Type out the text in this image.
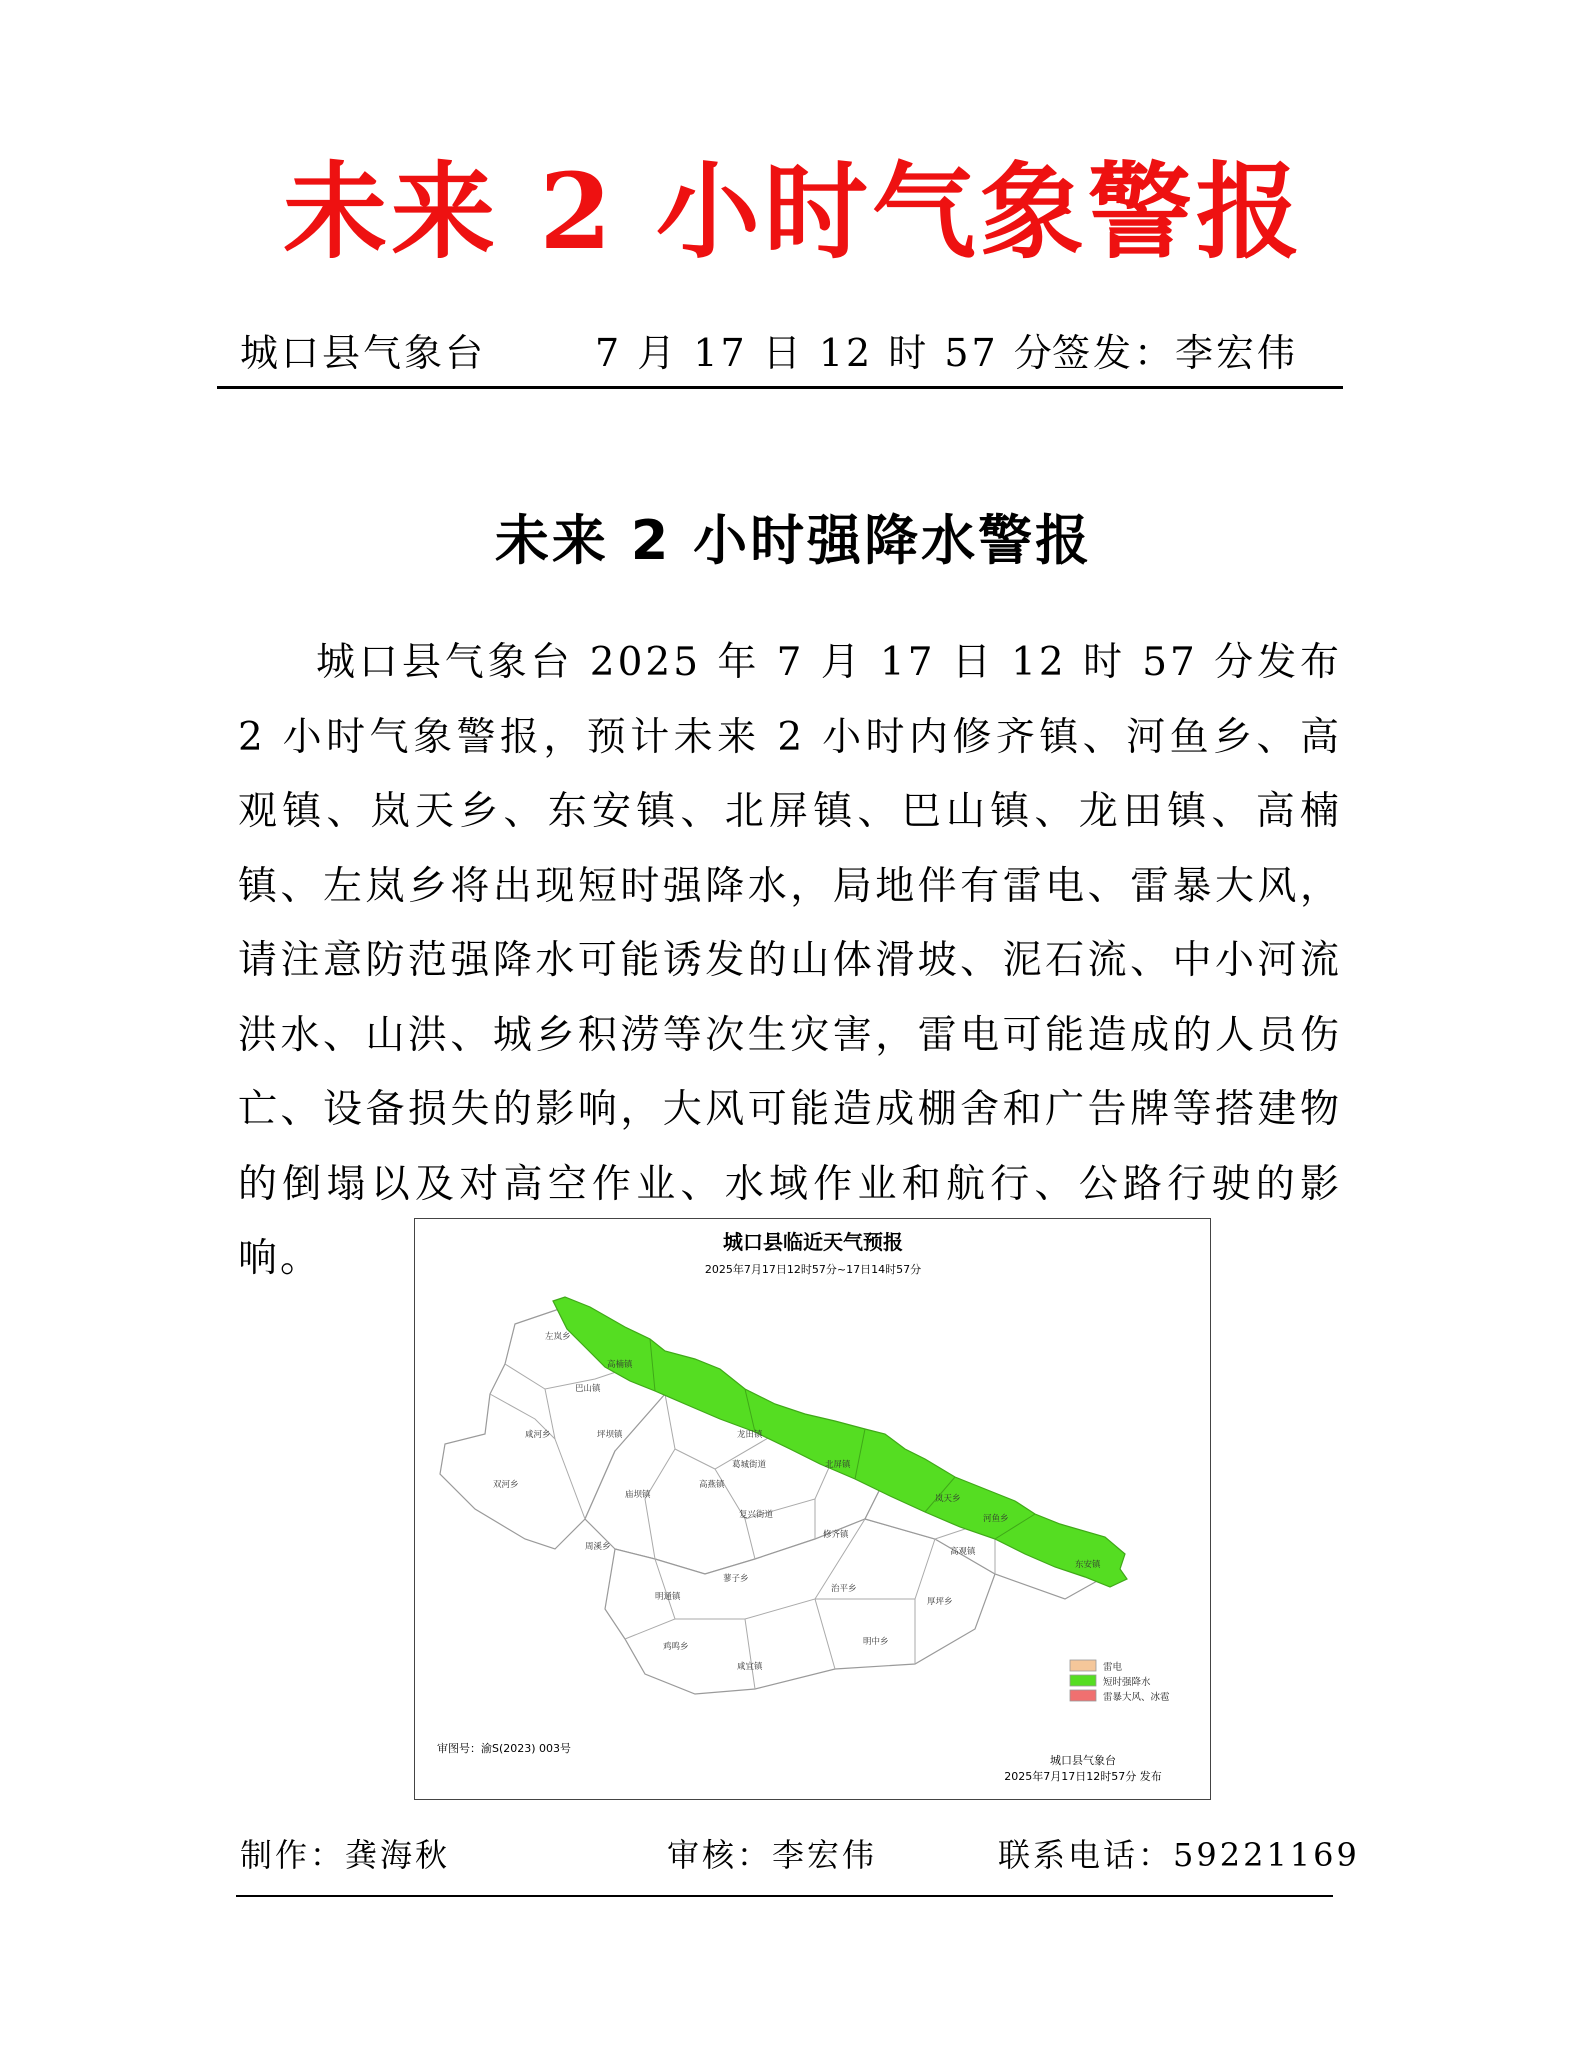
未来 2 小时气象警报
城口县气象台	7 月 17 日 12 时 57 分
签发：李宏伟
未来 2 小时强降水警报
城口县气象台 2025 年 7 月 17 日 12 时 57 分发布 2 小时气象警报，预计未来 2 小时内修齐镇、河鱼乡、高观镇、岚天乡、东安镇、北屏镇、巴山镇、龙田镇、高楠镇、左岚乡将出现短时强降水，局地伴有雷电、雷暴大风，请注意防范强降水可能诱发的山体滑坡、泥石流、中小河流洪水、山洪、城乡积涝等次生灾害，雷电可能造成的人员伤亡、设备损失的影响，大风可能造成棚舍和广告牌等搭建物的倒塌以及对高空作业、水域作业和航行、公路行驶的影响。	城口县临近天气预报
2025年7月17日12时57分~17日14时57分
左岚乡
高楠镇
巴山镇
龙田镇
北屏镇
岚天乡
河鱼乡
东安镇
高观镇
修齐镇
咸河乡	坪坝镇
双河乡
葛城街道
高燕镇
复兴街道
庙坝镇
周溪乡
蓼子乡
治平乡
厚坪乡
明通镇
鸡鸣乡
咸宜镇
明中乡
雷电
短时强降水
雷暴大风、冰雹
审图号：渝S(2023) 003号
城口县气象台
2025年7月17日12时57分 发布
制作：龚海秋	审核：李宏伟	联系电话：59221169
